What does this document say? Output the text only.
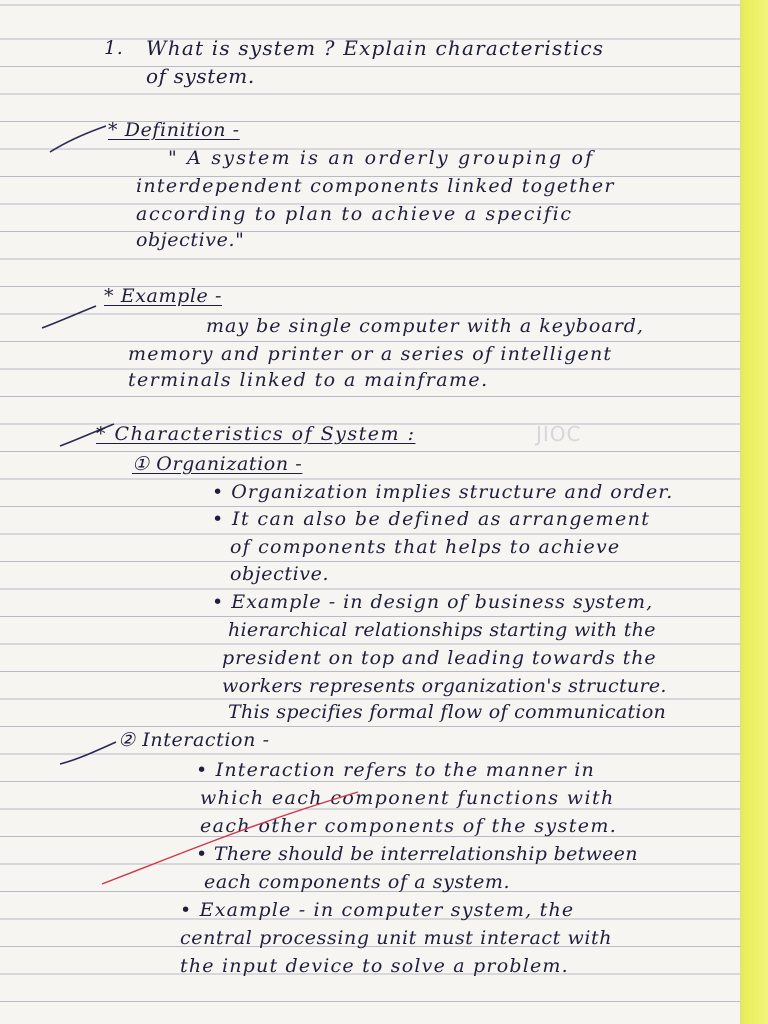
1. What is system ? Explain characteristics
of system.
* Definition -
" A system is an orderly grouping of
interdependent components linked together
according to plan to achieve a specific
objective."
* Example -
may be single computer with a keyboard,
memory and printer or a series of intelligent
terminals linked to a mainframe.
* Characteristics of System :	JIOC
① Organization -
• Organization implies structure and order.
• It can also be defined as arrangement
of components that helps to achieve
objective.
• Example - in design of business system,
hierarchical relationships starting with the
president on top and leading towards the
workers represents organization's structure.
This specifies formal flow of communication
② Interaction -
• Interaction refers to the manner in
which each component functions with
each other components of the system.
• There should be interrelationship between
each components of a system.
• Example - in computer system, the
central processing unit must interact with
the input device to solve a problem.
